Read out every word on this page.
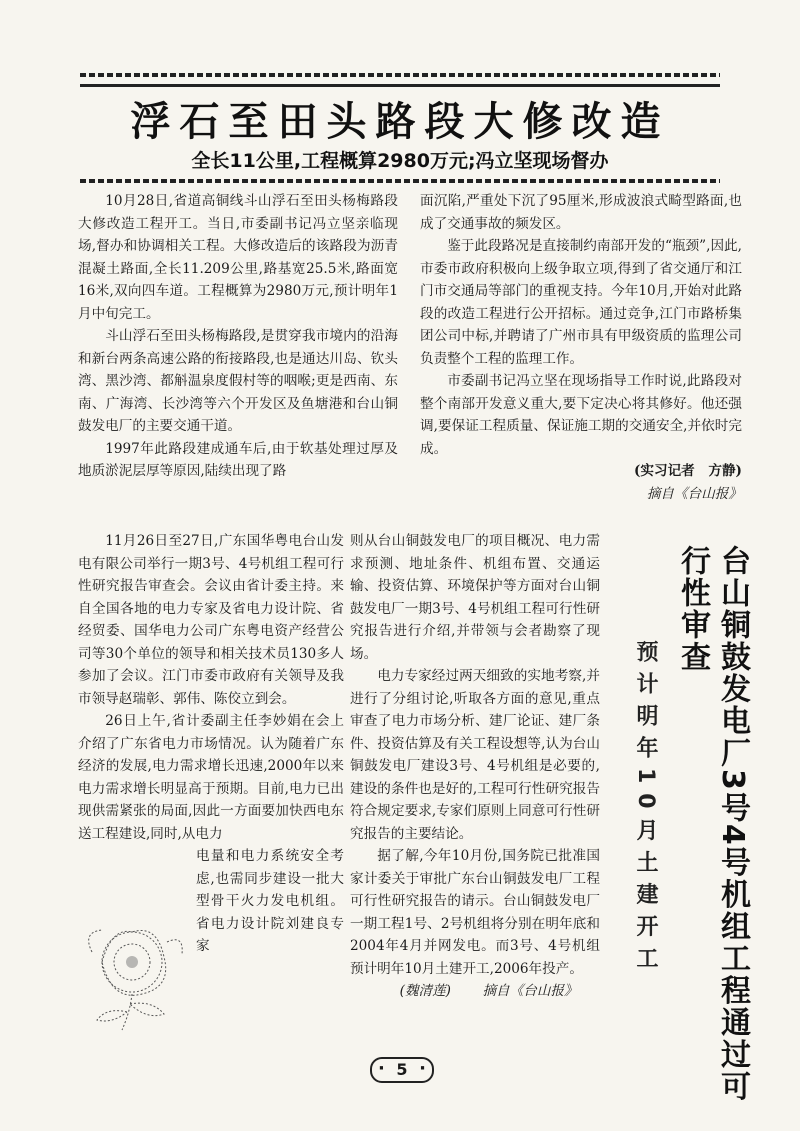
浮石至田头路段大修改造
全长11公里,工程概算2980万元;冯立坚现场督办

10月28日,省道高铜线斗山浮石至田头杨梅路段大修改造工程开工。当日,市委副书记冯立坚亲临现场,督办和协调相关工程。大修改造后的该路段为沥青混凝土路面,全长11.209公里,路基宽25.5米,路面宽16米,双向四车道。工程概算为2980万元,预计明年1月中旬完工。

斗山浮石至田头杨梅路段,是贯穿我市境内的沿海和新台两条高速公路的衔接路段,也是通达川岛、钦头湾、黑沙湾、都斛温泉度假村等的咽喉;更是西南、东南、广海湾、长沙湾等六个开发区及鱼塘港和台山铜鼓发电厂的主要交通干道。

1997年此路段建成通车后,由于软基处理过厚及地质淤泥层厚等原因,陆续出现了路

面沉陷,严重处下沉了95厘米,形成波浪式畸型路面,也成了交通事故的频发区。

鉴于此段路况是直接制约南部开发的“瓶颈”,因此,市委市政府积极向上级争取立项,得到了省交通厅和江门市交通局等部门的重视支持。今年10月,开始对此路段的改造工程进行公开招标。通过竞争,江门市路桥集团公司中标,并聘请了广州市具有甲级资质的监理公司负责整个工程的监理工作。

市委副书记冯立坚在现场指导工作时说,此路段对整个南部开发意义重大,要下定决心将其修好。他还强调,要保证工程质量、保证施工期的交通安全,并依时完成。

(实习记者　方静)

摘自《台山报》

11月26日至27日,广东国华粤电台山发电有限公司举行一期3号、4号机组工程可行性研究报告审查会。会议由省计委主持。来自全国各地的电力专家及省电力设计院、省经贸委、国华电力公司广东粤电资产经营公司等30个单位的领导和相关技术员130多人参加了会议。江门市委市政府有关领导及我市领导赵瑞彰、郭伟、陈佼立到会。

26日上午,省计委副主任李妙娟在会上介绍了广东省电力市场情况。认为随着广东经济的发展,电力需求增长迅速,2000年以来电力需求增长明显高于预期。目前,电力已出现供需紧张的局面,因此一方面要加快西电东送工程建设,同时,从电力

电量和电力系统安全考虑,也需同步建设一批大型骨干火力发电机组。省电力设计院刘建良专家

则从台山铜鼓发电厂的项目概况、电力需求预测、地址条件、机组布置、交通运输、投资估算、环境保护等方面对台山铜鼓发电厂一期3号、4号机组工程可行性研究报告进行介绍,并带领与会者勘察了现场。

电力专家经过两天细致的实地考察,并进行了分组讨论,听取各方面的意见,重点审查了电力市场分析、建厂论证、建厂条件、投资估算及有关工程设想等,认为台山铜鼓发电厂建设3号、4号机组是必要的,建设的条件也是好的,工程可行性研究报告符合规定要求,专家们原则上同意可行性研究报告的主要结论。

据了解,今年10月份,国务院已批准国家计委关于审批广东台山铜鼓发电厂工程可行性研究报告的请示。台山铜鼓发电厂一期工程1号、2号机组将分别在明年底和2004年4月并网发电。而3号、4号机组预计明年10月土建开工,2006年投产。

(魏清莲) 　　 摘自《台山报》

预计明年10月土建开工	台山铜鼓发电厂3号4号机组工程通过可行性审查
· 5 ·
